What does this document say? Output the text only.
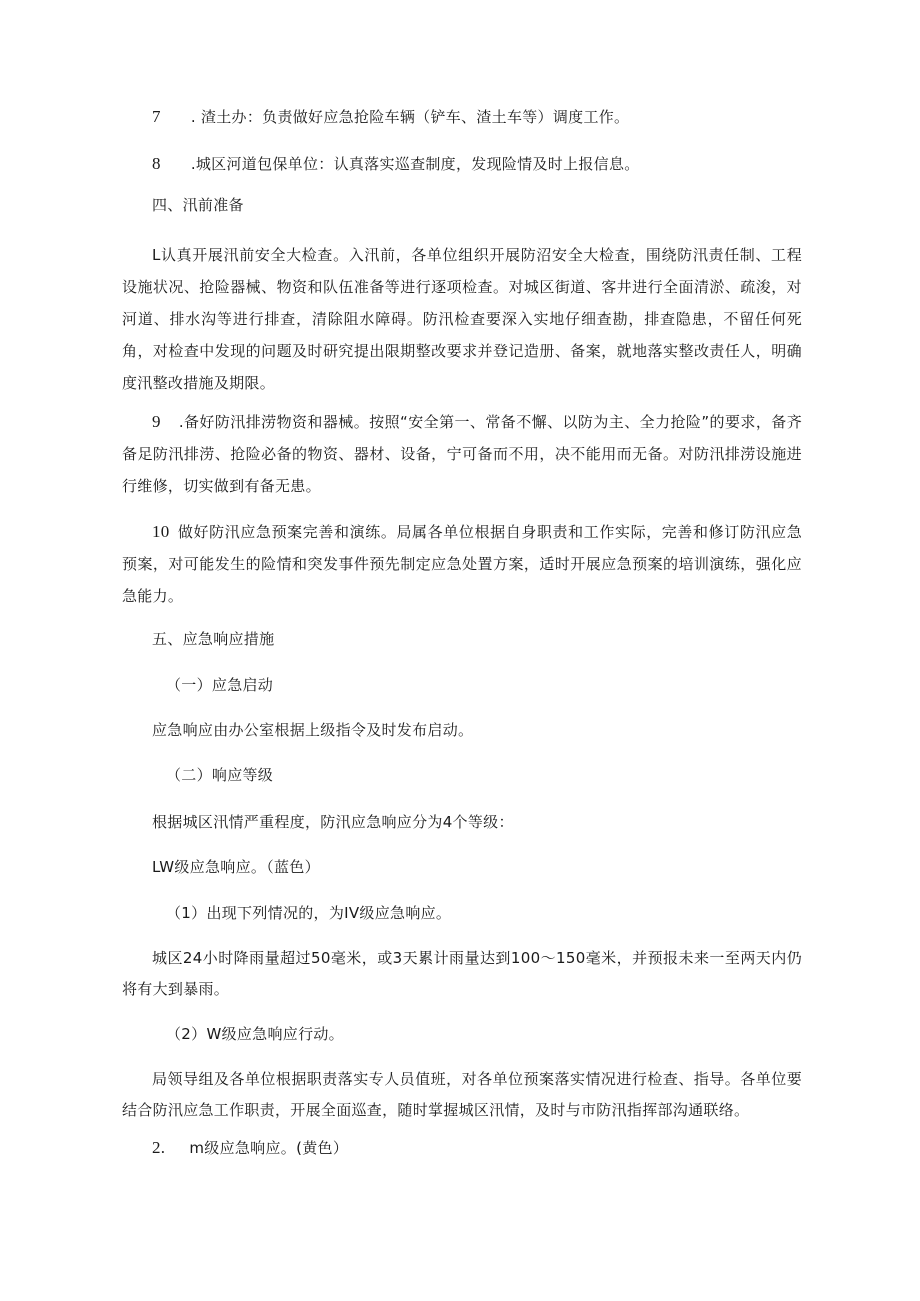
7 . 渣土办：负责做好应急抢险车辆（铲车、渣土车等）调度工作。
8 .城区河道包保单位：认真落实巡查制度，发现险情及时上报信息。
四、汛前准备
L认真开展汛前安全大检查。入汛前，各单位组织开展防沼安全大检查，围绕防汛责任制、工程设施状况、抢险器械、物资和队伍准备等进行逐项检查。对城区街道、客井进行全面清淤、疏浚，对河道、排水沟等进行排查，清除阻水障碍。防汛检查要深入实地仔细查勘，排查隐患，不留任何死角，对检查中发现的问题及时研究提出限期整改要求并登记造册、备案，就地落实整改责任人，明确度汛整改措施及期限。
9 .备好防汛排涝物资和器械。按照“安全第一、常备不懈、以防为主、全力抢险”的要求，备齐备足防汛排涝、抢险必备的物资、器材、设备，宁可备而不用，决不能用而无备。对防汛排涝设施进行维修，切实做到有备无患。
10 做好防汛应急预案完善和演练。局属各单位根据自身职责和工作实际，完善和修订防汛应急预案，对可能发生的险情和突发事件预先制定应急处置方案，适时开展应急预案的培训演练，强化应急能力。
五、应急响应措施
（一）应急启动
应急响应由办公室根据上级指令及时发布启动。
（二）响应等级
根据城区汛情严重程度，防汛应急响应分为4个等级：
LW级应急响应。（蓝色）
（1）出现下列情况的，为IV级应急响应。
城区24小时降雨量超过50毫米，或3天累计雨量达到100～150毫米，并预报未来一至两天内仍将有大到暴雨。
（2）W级应急响应行动。
局领导组及各单位根据职责落实专人员值班，对各单位预案落实情况进行检查、指导。各单位要结合防汛应急工作职责，开展全面巡查，随时掌握城区汛情，及时与市防汛指挥部沟通联络。
2. m级应急响应。(黄色）
